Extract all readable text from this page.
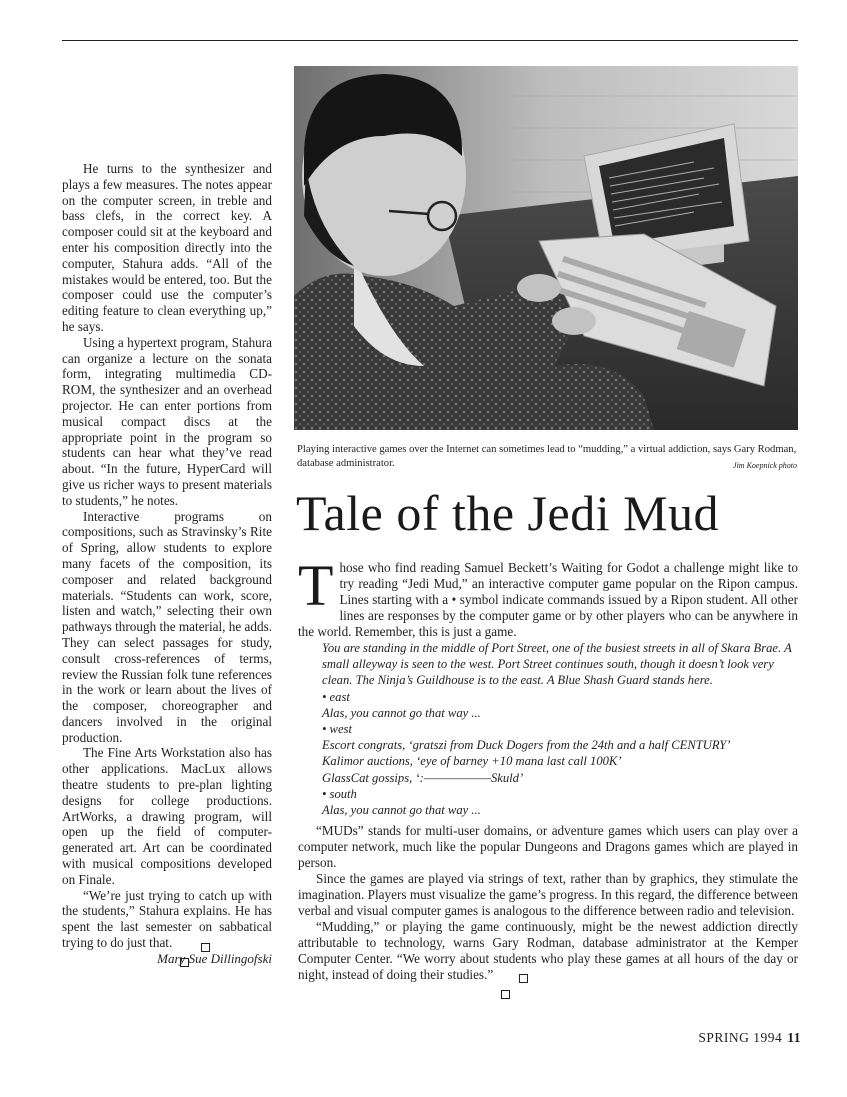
He turns to the synthesizer and plays a few measures. The notes appear on the computer screen, in treble and bass clefs, in the correct key. A composer could sit at the keyboard and enter his composition directly into the computer, Stahura adds. “All of the mistakes would be entered, too. But the composer could use the computer’s editing feature to clean everything up,” he says.

Using a hypertext program, Stahura can organize a lecture on the sonata form, integrating multimedia CD-ROM, the synthesizer and an overhead projector. He can enter portions from musical compact discs at the appropriate point in the program so students can hear what they’ve read about. “In the future, HyperCard will give us richer ways to present materials to students,” he notes.

Interactive programs on compositions, such as Stravinsky’s Rite of Spring, allow students to explore many facets of the composition, its composer and related background materials. “Students can work, score, listen and watch,” selecting their own pathways through the material, he adds. They can select passages for study, consult cross-references of terms, review the Russian folk tune references in the work or learn about the lives of the composer, choreographer and dancers involved in the original production.

The Fine Arts Workstation also has other applications. MacLux allows theatre students to pre-plan lighting designs for college productions. ArtWorks, a drawing program, will open up the field of computer-generated art. Art can be coordinated with musical compositions developed on Finale.

“We’re just trying to catch up with the students,” Stahura explains. He has spent the last semester on sabbatical trying to do just that.

Mary Sue Dillingofski
Playing interactive games over the Internet can sometimes lead to “mudding,” a virtual addiction, says Gary Rodman, database administrator.	Jim Koepnick photo
Tale of the Jedi Mud

Those who find reading Samuel Beckett’s Waiting for Godot a challenge might like to try reading “Jedi Mud,” an interactive computer game popular on the Ripon campus. Lines starting with a • symbol indicate commands issued by a Ripon student. All other lines are responses by the computer game or by other players who can be anywhere in the world. Remember, this is just a game.

You are standing in the middle of Port Street, one of the busiest streets in all of Skara Brae. A small alleyway is seen to the west. Port Street continues south, though it doesn’t look very clean. The Ninja’s Guildhouse is to the east. A Blue Shash Guard stands here.
• east
Alas, you cannot go that way ...
• west
Escort congrats, ‘gratszi from Duck Dogers from the 24th and a half CENTURY’
Kalimor auctions, ‘eye of barney +10 mana last call 100K’
GlassCat gossips, ‘:——————Skuld’
• south
Alas, you cannot go that way ...

“MUDs” stands for multi-user domains, or adventure games which users can play over a computer network, much like the popular Dungeons and Dragons games which are played in person.

Since the games are played via strings of text, rather than by graphics, they stimulate the imagination. Players must visualize the game’s progress. In this regard, the difference between verbal and visual computer games is analogous to the difference between radio and television.

“Mudding,” or playing the game continuously, might be the newest addiction directly attributable to technology, warns Gary Rodman, database administrator at the Kemper Computer Center. “We worry about students who play these games at all hours of the day or night, instead of doing their studies.”

SPRING 1994 11
